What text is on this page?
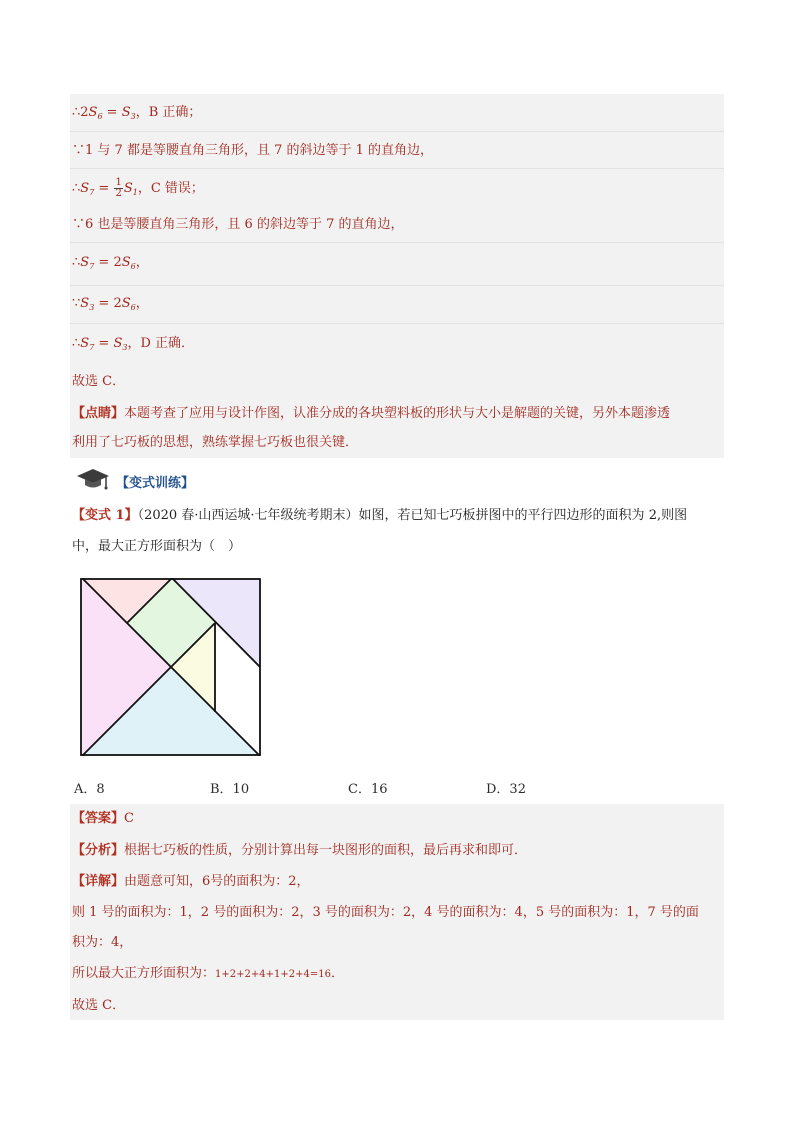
$\therefore 2S_6 = S_3$，B 正确；
∵1 与 7 都是等腰直角三角形，且 7 的斜边等于 1 的直角边，
$\therefore S_7 = \frac{1}{2} S_1$，C 错误；
∵6 也是等腰直角三角形，且 6 的斜边等于 7 的直角边，
$\therefore S_7 = 2S_6$，
$\because S_3 = 2S_6$，
$\therefore S_7 = S_3$，D 正确．
故选 C．
【点睛】本题考查了应用与设计作图，认准分成的各块塑料板的形状与大小是解题的关键，另外本题渗透
利用了七巧板的思想，熟练掌握七巧板也很关键．
【变式训练】
【变式 1】（2020 春·山西运城·七年级统考期末）如图，若已知七巧板拼图中的平行四边形的面积为 2,则图
中，最大正方形面积为（　）
A．8	B．10	C．16	D．32
【答案】C
【分析】根据七巧板的性质，分别计算出每一块图形的面积，最后再求和即可．
【详解】由题意可知，6号的面积为：2，
则 1 号的面积为：1，2 号的面积为：2，3 号的面积为：2，4 号的面积为：4，5 号的面积为：1，7 号的面
积为：4，
所以最大正方形面积为：1+2+2+4+1+2+4=16．
故选 C．
